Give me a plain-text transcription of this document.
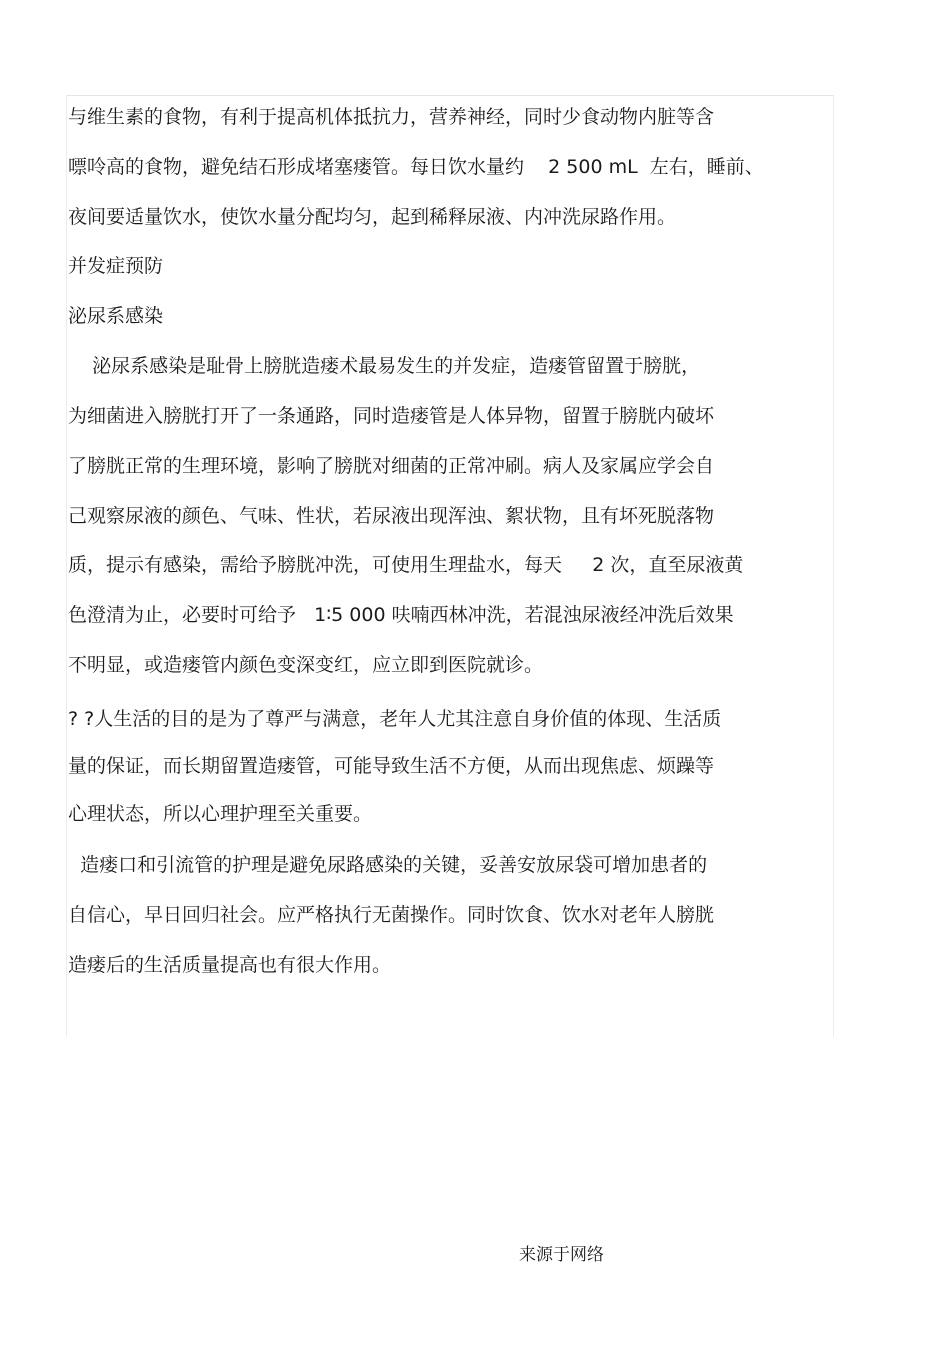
与维生素的食物，有利于提高机体抵抗力，营养神经，同时少食动物内脏等含
嘌呤高的食物，避免结石形成堵塞瘘管。每日饮水量约    2 500 mL  左右，睡前、
夜间要适量饮水，使饮水量分配均匀，起到稀释尿液、内冲洗尿路作用。
并发症预防
泌尿系感染
泌尿系感染是耻骨上膀胱造瘘术最易发生的并发症，造瘘管留置于膀胱，
为细菌进入膀胱打开了一条通路，同时造瘘管是人体异物，留置于膀胱内破坏
了膀胱正常的生理环境，影响了膀胱对细菌的正常冲刷。病人及家属应学会自
己观察尿液的颜色、气味、性状，若尿液出现浑浊、絮状物，且有坏死脱落物
质，提示有感染，需给予膀胱冲洗，可使用生理盐水，每天     2 次，直至尿液黄
色澄清为止，必要时可给予   1∶5 000 呋喃西林冲洗，若混浊尿液经冲洗后效果
不明显，或造瘘管内颜色变深变红，应立即到医院就诊。
? ?人生活的目的是为了尊严与满意，老年人尤其注意自身价值的体现、生活质
量的保证，而长期留置造瘘管，可能导致生活不方便，从而出现焦虑、烦躁等
心理状态，所以心理护理至关重要。
造瘘口和引流管的护理是避免尿路感染的关键，妥善安放尿袋可增加患者的
自信心，早日回归社会。应严格执行无菌操作。同时饮食、饮水对老年人膀胱
造瘘后的生活质量提高也有很大作用。
来源于网络
